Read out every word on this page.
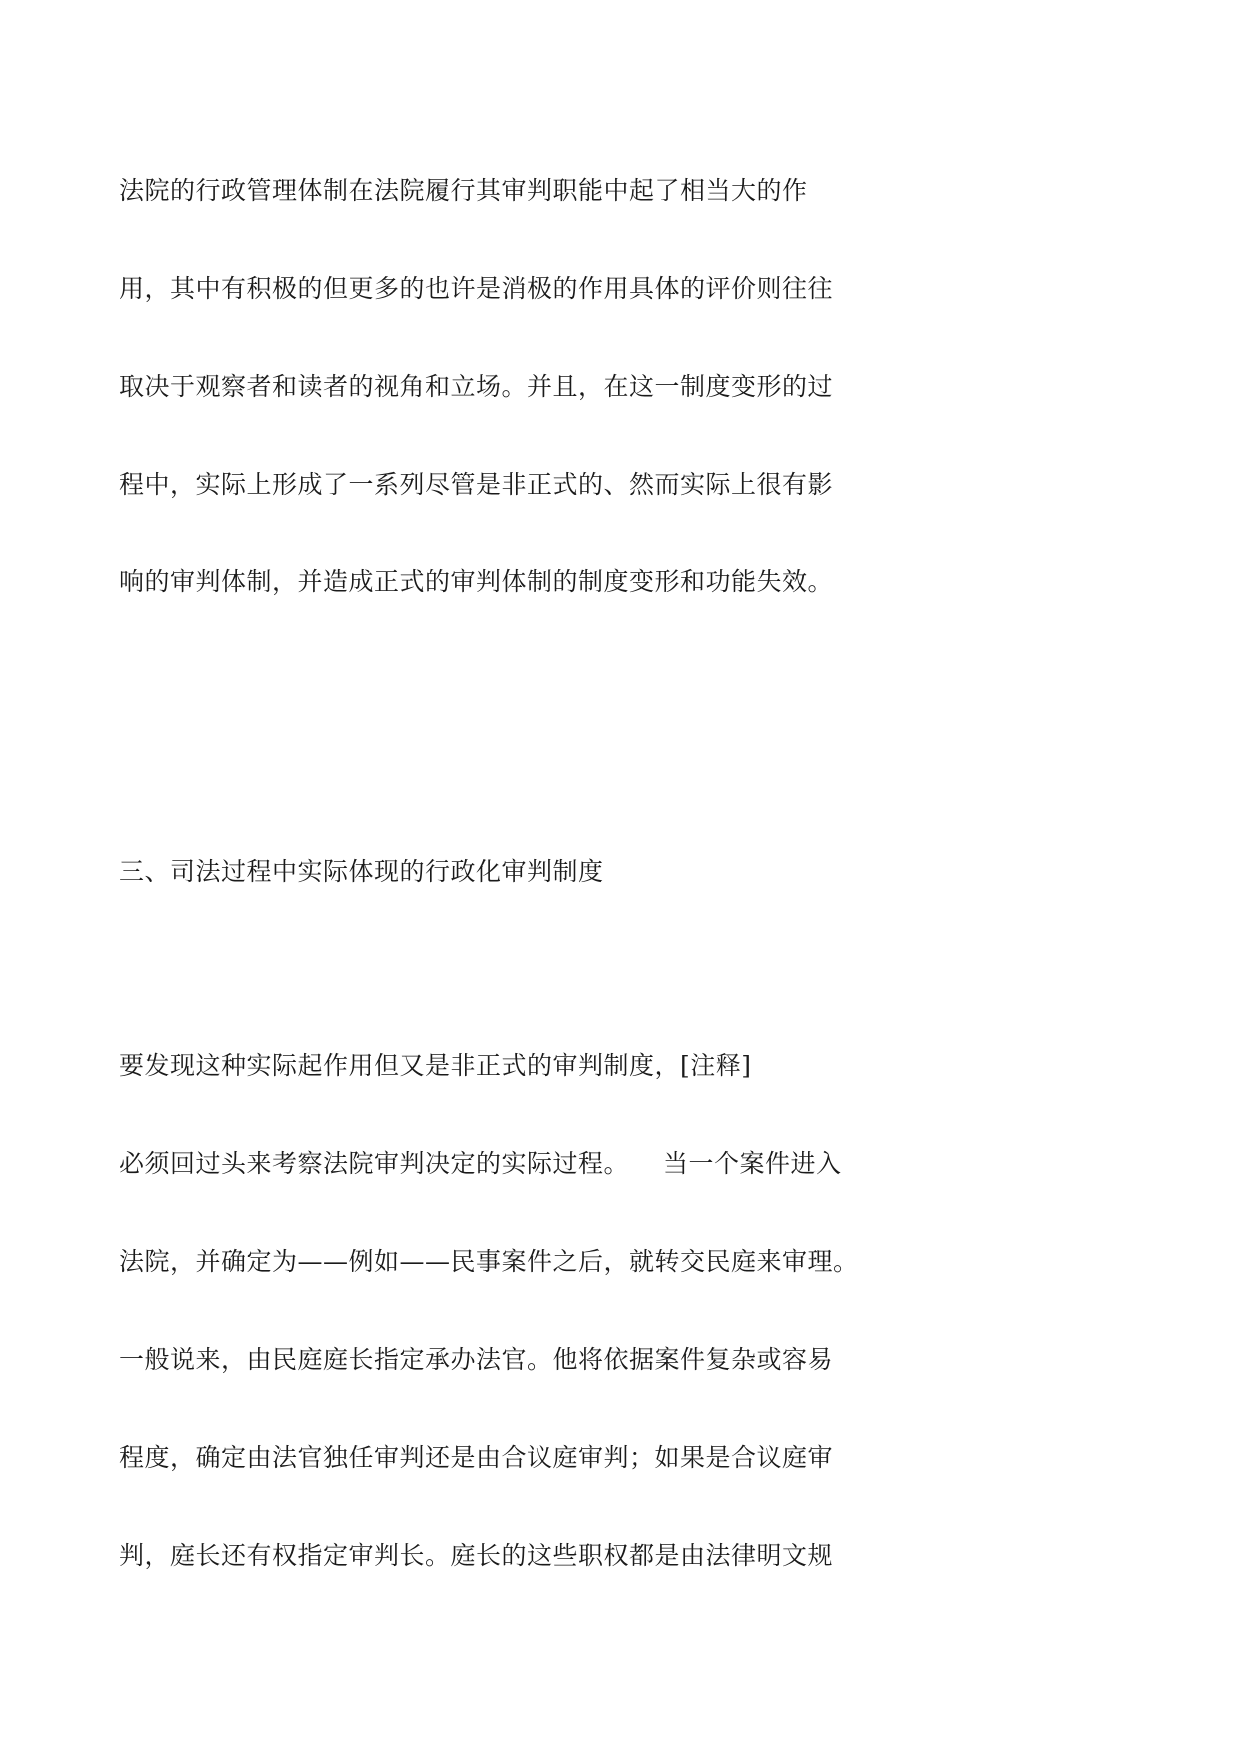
法院的行政管理体制在法院履行其审判职能中起了相当大的作
用，其中有积极的但更多的也许是消极的作用具体的评价则往往
取决于观察者和读者的视角和立场。并且，在这一制度变形的过
程中，实际上形成了一系列尽管是非正式的、然而实际上很有影
响的审判体制，并造成正式的审判体制的制度变形和功能失效。
三、司法过程中实际体现的行政化审判制度
要发现这种实际起作用但又是非正式的审判制度，[注释]
必须回过头来考察法院审判决定的实际过程。 当一个案件进入
法院，并确定为——例如——民事案件之后，就转交民庭来审理。
一般说来，由民庭庭长指定承办法官。他将依据案件复杂或容易
程度，确定由法官独任审判还是由合议庭审判；如果是合议庭审
判，庭长还有权指定审判长。庭长的这些职权都是由法律明文规
